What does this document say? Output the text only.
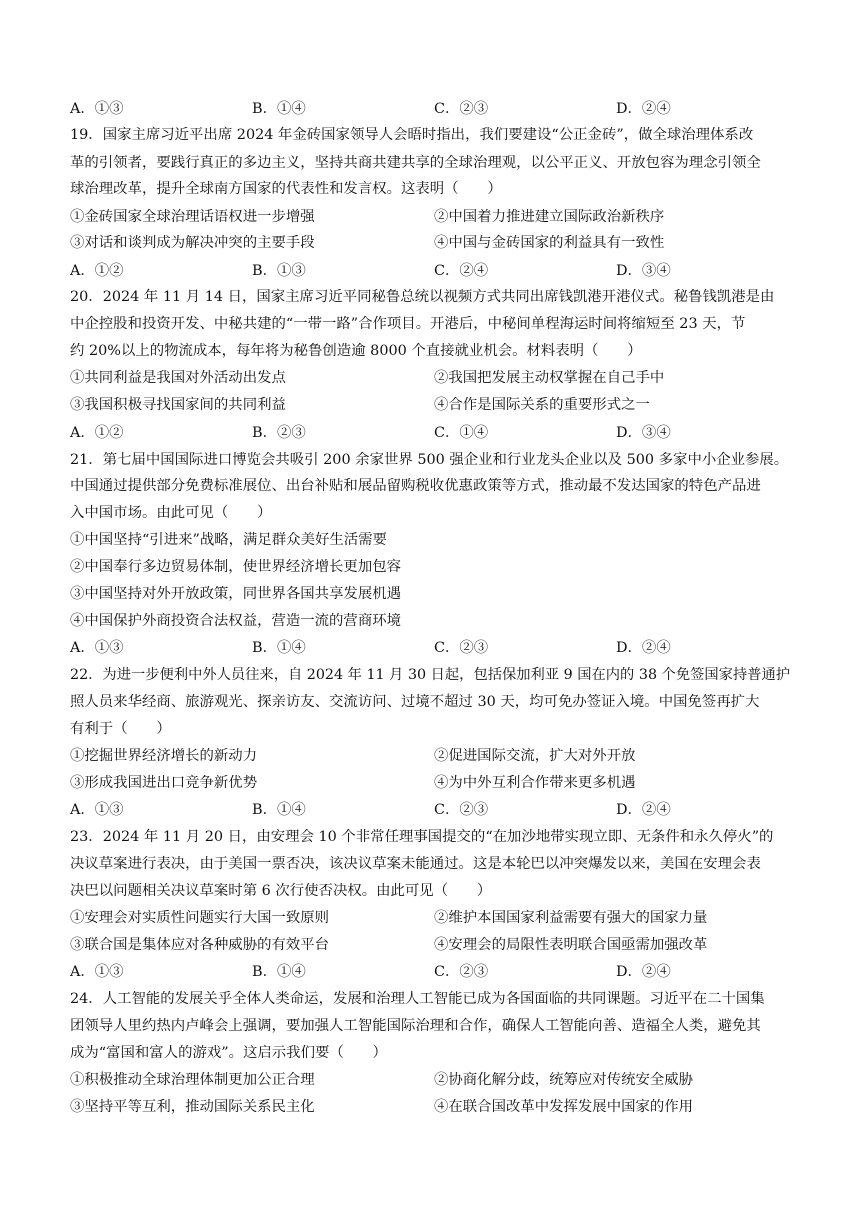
A．①③	B．①④	C．②③	D．②④
19．国家主席习近平出席 2024 年金砖国家领导人会晤时指出，我们要建设“公正金砖”，做全球治理体系改
革的引领者，要践行真正的多边主义，坚持共商共建共享的全球治理观，以公平正义、开放包容为理念引领全
球治理改革，提升全球南方国家的代表性和发言权。这表明（　　）
①金砖国家全球治理话语权进一步增强	②中国着力推进建立国际政治新秩序
③对话和谈判成为解决冲突的主要手段	④中国与金砖国家的利益具有一致性
A．①②	B．①③	C．②④	D．③④
20．2024 年 11 月 14 日，国家主席习近平同秘鲁总统以视频方式共同出席钱凯港开港仪式。秘鲁钱凯港是由
中企控股和投资开发、中秘共建的“一带一路”合作项目。开港后，中秘间单程海运时间将缩短至 23 天，节
约 20%以上的物流成本，每年将为秘鲁创造逾 8000 个直接就业机会。材料表明（　　）
①共同利益是我国对外活动出发点	②我国把发展主动权掌握在自己手中
③我国积极寻找国家间的共同利益	④合作是国际关系的重要形式之一
A．①②	B．②③	C．①④	D．③④
21．第七届中国国际进口博览会共吸引 200 余家世界 500 强企业和行业龙头企业以及 500 多家中小企业参展。
中国通过提供部分免费标准展位、出台补贴和展品留购税收优惠政策等方式，推动最不发达国家的特色产品进
入中国市场。由此可见（　　）
①中国坚持“引进来”战略，满足群众美好生活需要
②中国奉行多边贸易体制，使世界经济增长更加包容
③中国坚持对外开放政策，同世界各国共享发展机遇
④中国保护外商投资合法权益，营造一流的营商环境
A．①③	B．①④	C．②③	D．②④
22．为进一步便利中外人员往来，自 2024 年 11 月 30 日起，包括保加利亚 9 国在内的 38 个免签国家持普通护
照人员来华经商、旅游观光、探亲访友、交流访问、过境不超过 30 天，均可免办签证入境。中国免签再扩大
有利于（　　）
①挖掘世界经济增长的新动力	②促进国际交流，扩大对外开放
③形成我国进出口竞争新优势	④为中外互利合作带来更多机遇
A．①③	B．①④	C．②③	D．②④
23．2024 年 11 月 20 日，由安理会 10 个非常任理事国提交的“在加沙地带实现立即、无条件和永久停火”的
决议草案进行表决，由于美国一票否决，该决议草案未能通过。这是本轮巴以冲突爆发以来，美国在安理会表
决巴以问题相关决议草案时第 6 次行使否决权。由此可见（　　）
①安理会对实质性问题实行大国一致原则	②维护本国国家利益需要有强大的国家力量
③联合国是集体应对各种威胁的有效平台	④安理会的局限性表明联合国亟需加强改革
A．①③	B．①④	C．②③	D．②④
24．人工智能的发展关乎全体人类命运，发展和治理人工智能已成为各国面临的共同课题。习近平在二十国集
团领导人里约热内卢峰会上强调，要加强人工智能国际治理和合作，确保人工智能向善、造福全人类，避免其
成为“富国和富人的游戏”。这启示我们要（　　）
①积极推动全球治理体制更加公正合理	②协商化解分歧，统筹应对传统安全威胁
③坚持平等互利，推动国际关系民主化	④在联合国改革中发挥发展中国家的作用
